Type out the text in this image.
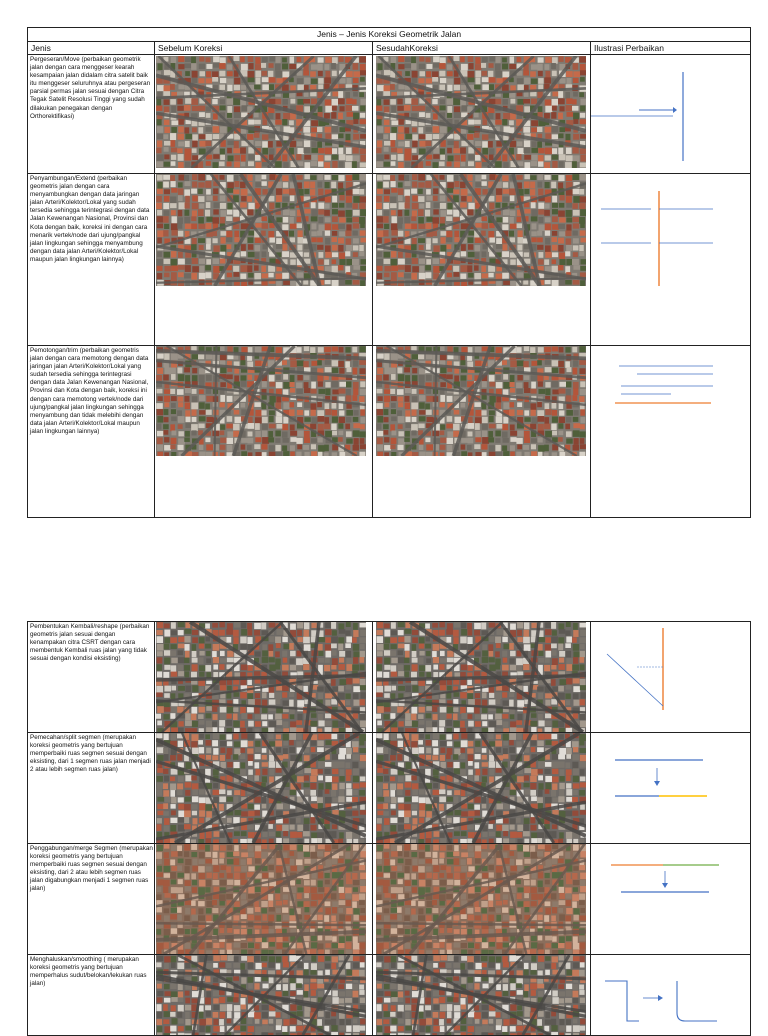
Jenis – Jenis Koreksi Geometrik Jalan			
Jenis	Sebelum Koreksi	SesudahKoreksi	Ilustrasi Perbaikan
Pergeseran/Move (perbaikan geometrik jalan dengan cara menggeser kearah kesampaian jalan didalam citra satelit baik itu menggeser seluruhnya atau pergeseran parsial permas jalan sesuai dengan Citra Tegak Satelit Resolusi Tinggi yang sudah dilakukan penegakan dengan Orthorektifikasi)	

Penyambungan/Extend (perbaikan geometris jalan dengan cara menyambungkan dengan data jaringan jalan Arteri/Kolektor/Lokal yang sudah tersedia sehingga terintegrasi dengan data Jalan Kewenangan Nasional, Provinsi dan Kota dengan baik, koreksi ini dengan cara menarik vertek/node dari ujung/pangkal jalan lingkungan sehingga menyambung dengan data jalan Arteri/Kolektor/Lokal maupun jalan lingkungan lainnya)	

Pemotongan/trim (perbaikan geometris jalan dengan cara memotong dengan data jaringan jalan Arteri/Kolektor/Lokal yang sudah tersedia sehingga terintegrasi dengan data Jalan Kewenangan Nasional, Provinsi dan Kota dengan baik, koreksi ini dengan cara memotong vertek/node dari ujung/pangkal jalan lingkungan sehingga menyambung dan tidak melebihi dengan data jalan Arteri/Kolektor/Lokal maupun jalan lingkungan lainnya)	

Pembentukan Kembali/reshape (perbaikan geometris jalan sesuai dengan kenampakan citra CSRT dengan cara membentuk Kembali ruas jalan yang tidak sesuai dengan kondisi eksisting)	

Pemecahan/split segmen (merupakan koreksi geometris yang bertujuan memperbaiki ruas segmen sesuai dengan eksisting, dari 1 segmen ruas jalan menjadi 2 atau lebih segmen ruas jalan)	

Penggabungan/merge Segmen (merupakan koreksi geometris yang bertujuan memperbaiki ruas segmen sesuai dengan eksisting, dari 2 atau lebih segmen ruas jalan digabungkan menjadi 1 segmen ruas jalan)	

Menghaluskan/smoothing ( merupakan koreksi geometris yang bertujuan memperhalus sudut/belokan/lekukan ruas jalan)	
